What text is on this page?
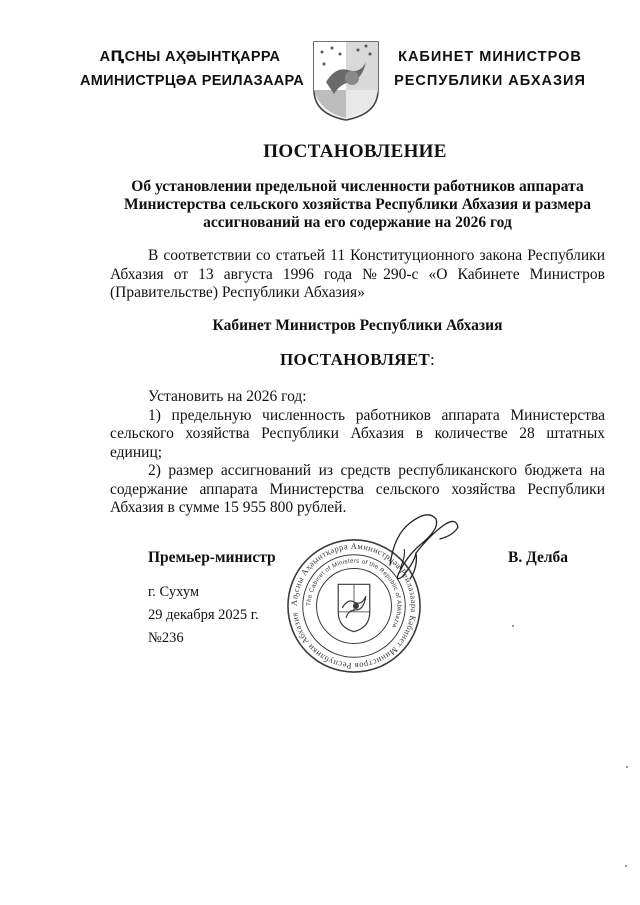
АԤСНЫ АҲӘЫНТҚАРРА
АМИНИСТРЦӘА РЕИЛАЗААРА
КАБИНЕТ МИНИСТРОВ
РЕСПУБЛИКИ АБХАЗИЯ
ПОСТАНОВЛЕНИЕ
Об установлении предельной численности работников аппарата Министерства сельского хозяйства Республики Абхазия и размера ассигнований на его содержание на 2026 год

В соответствии со статьей 11 Конституционного закона Республики Абхазия от 13 августа 1996 года №290-с «О Кабинете Министров (Правительстве) Республики Абхазия»

Кабинет Министров Республики Абхазия
ПОСТАНОВЛЯЕТ:

Установить на 2026 год:

1) предельную численность работников аппарата Министерства сельского хозяйства Республики Абхазия в количестве 28 штатных единиц;

2) размер ассигнований из средств республиканского бюджета на содержание аппарата Министерства сельского хозяйства Республики Абхазия в сумме 15 955 800 рублей.

Аҧсны Аҳәынтқарра Аминистрцәа Реилазаара Кабинет Министров Республики Абхазия
The Cabinet of Ministers of the Republic of Abkhazia
Премьер-министр	В. Делба
г. Сухум
29 декабря 2025 г.
№236
